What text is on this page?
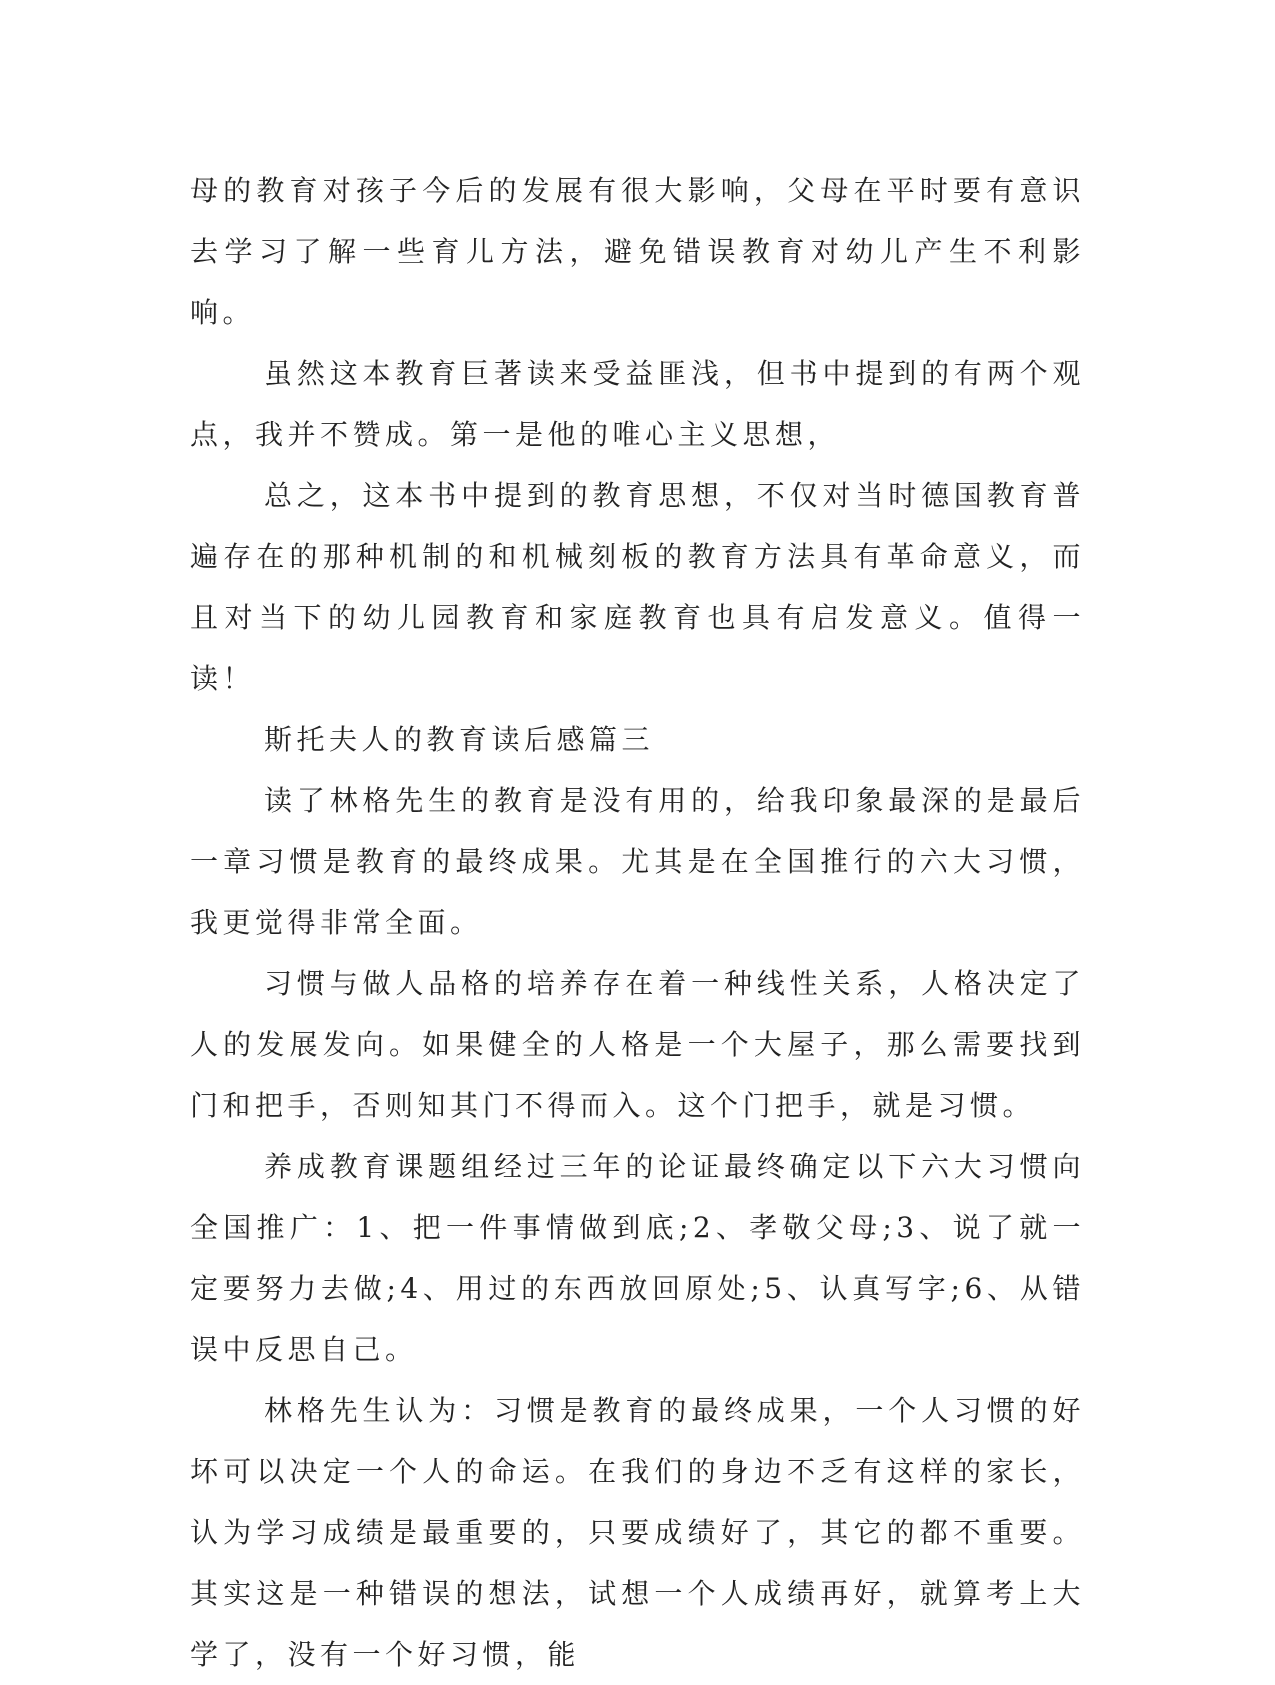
母的教育对孩子今后的发展有很大影响，父母在平时要有意识去学习了解一些育儿方法，避免错误教育对幼儿产生不利影响。

虽然这本教育巨著读来受益匪浅，但书中提到的有两个观点，我并不赞成。第一是他的唯心主义思想，

总之，这本书中提到的教育思想，不仅对当时德国教育普遍存在的那种机制的和机械刻板的教育方法具有革命意义，而且对当下的幼儿园教育和家庭教育也具有启发意义。值得一读！

斯托夫人的教育读后感篇三

读了林格先生的教育是没有用的，给我印象最深的是最后一章习惯是教育的最终成果。尤其是在全国推行的六大习惯，我更觉得非常全面。

习惯与做人品格的培养存在着一种线性关系，人格决定了人的发展发向。如果健全的人格是一个大屋子，那么需要找到门和把手，否则知其门不得而入。这个门把手，就是习惯。

养成教育课题组经过三年的论证最终确定以下六大习惯向全国推广：1、把一件事情做到底;2、孝敬父母;3、说了就一定要努力去做;4、用过的东西放回原处;5、认真写字;6、从错误中反思自己。

林格先生认为：习惯是教育的最终成果，一个人习惯的好坏可以决定一个人的命运。在我们的身边不乏有这样的家长，认为学习成绩是最重要的，只要成绩好了，其它的都不重要。其实这是一种错误的想法，试想一个人成绩再好，就算考上大学了，没有一个好习惯，能
